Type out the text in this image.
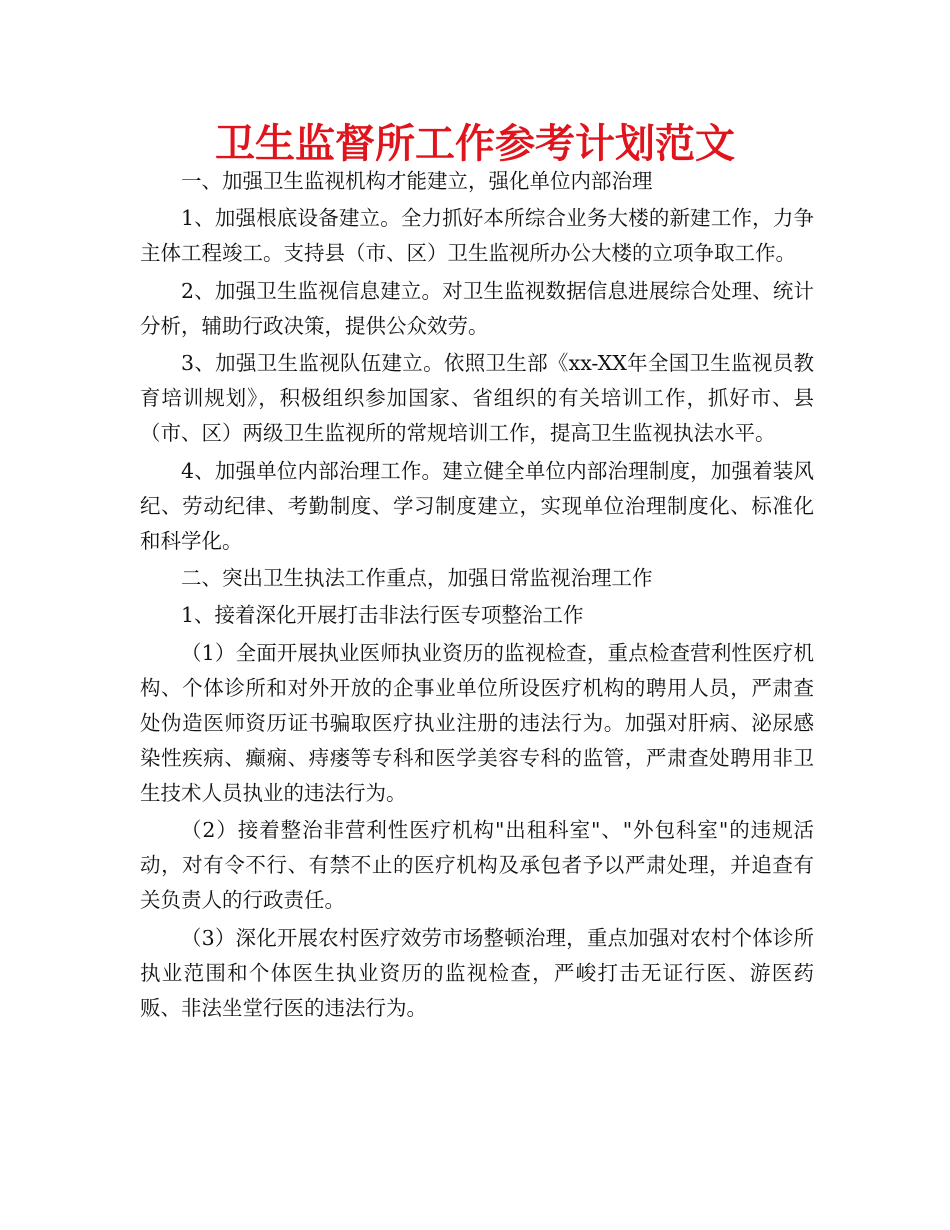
卫生监督所工作参考计划范文

一、加强卫生监视机构才能建立，强化单位内部治理

1、加强根底设备建立。全力抓好本所综合业务大楼的新建工作，力争主体工程竣工。支持县（市、区）卫生监视所办公大楼的立项争取工作。

2、加强卫生监视信息建立。对卫生监视数据信息进展综合处理、统计分析，辅助行政决策，提供公众效劳。

3、加强卫生监视队伍建立。依照卫生部《xx-XX年全国卫生监视员教育培训规划》，积极组织参加国家、省组织的有关培训工作，抓好市、县（市、区）两级卫生监视所的常规培训工作，提高卫生监视执法水平。

4、加强单位内部治理工作。建立健全单位内部治理制度，加强着装风纪、劳动纪律、考勤制度、学习制度建立，实现单位治理制度化、标准化和科学化。

二、突出卫生执法工作重点，加强日常监视治理工作

1、接着深化开展打击非法行医专项整治工作

（1）全面开展执业医师执业资历的监视检查，重点检查营利性医疗机构、个体诊所和对外开放的企事业单位所设医疗机构的聘用人员，严肃查处伪造医师资历证书骗取医疗执业注册的违法行为。加强对肝病、泌尿感染性疾病、癫痫、痔瘘等专科和医学美容专科的监管，严肃查处聘用非卫生技术人员执业的违法行为。

（2）接着整治非营利性医疗机构"出租科室"、"外包科室"的违规活动，对有令不行、有禁不止的医疗机构及承包者予以严肃处理，并追查有关负责人的行政责任。

（3）深化开展农村医疗效劳市场整顿治理，重点加强对农村个体诊所执业范围和个体医生执业资历的监视检查，严峻打击无证行医、游医药贩、非法坐堂行医的违法行为。
